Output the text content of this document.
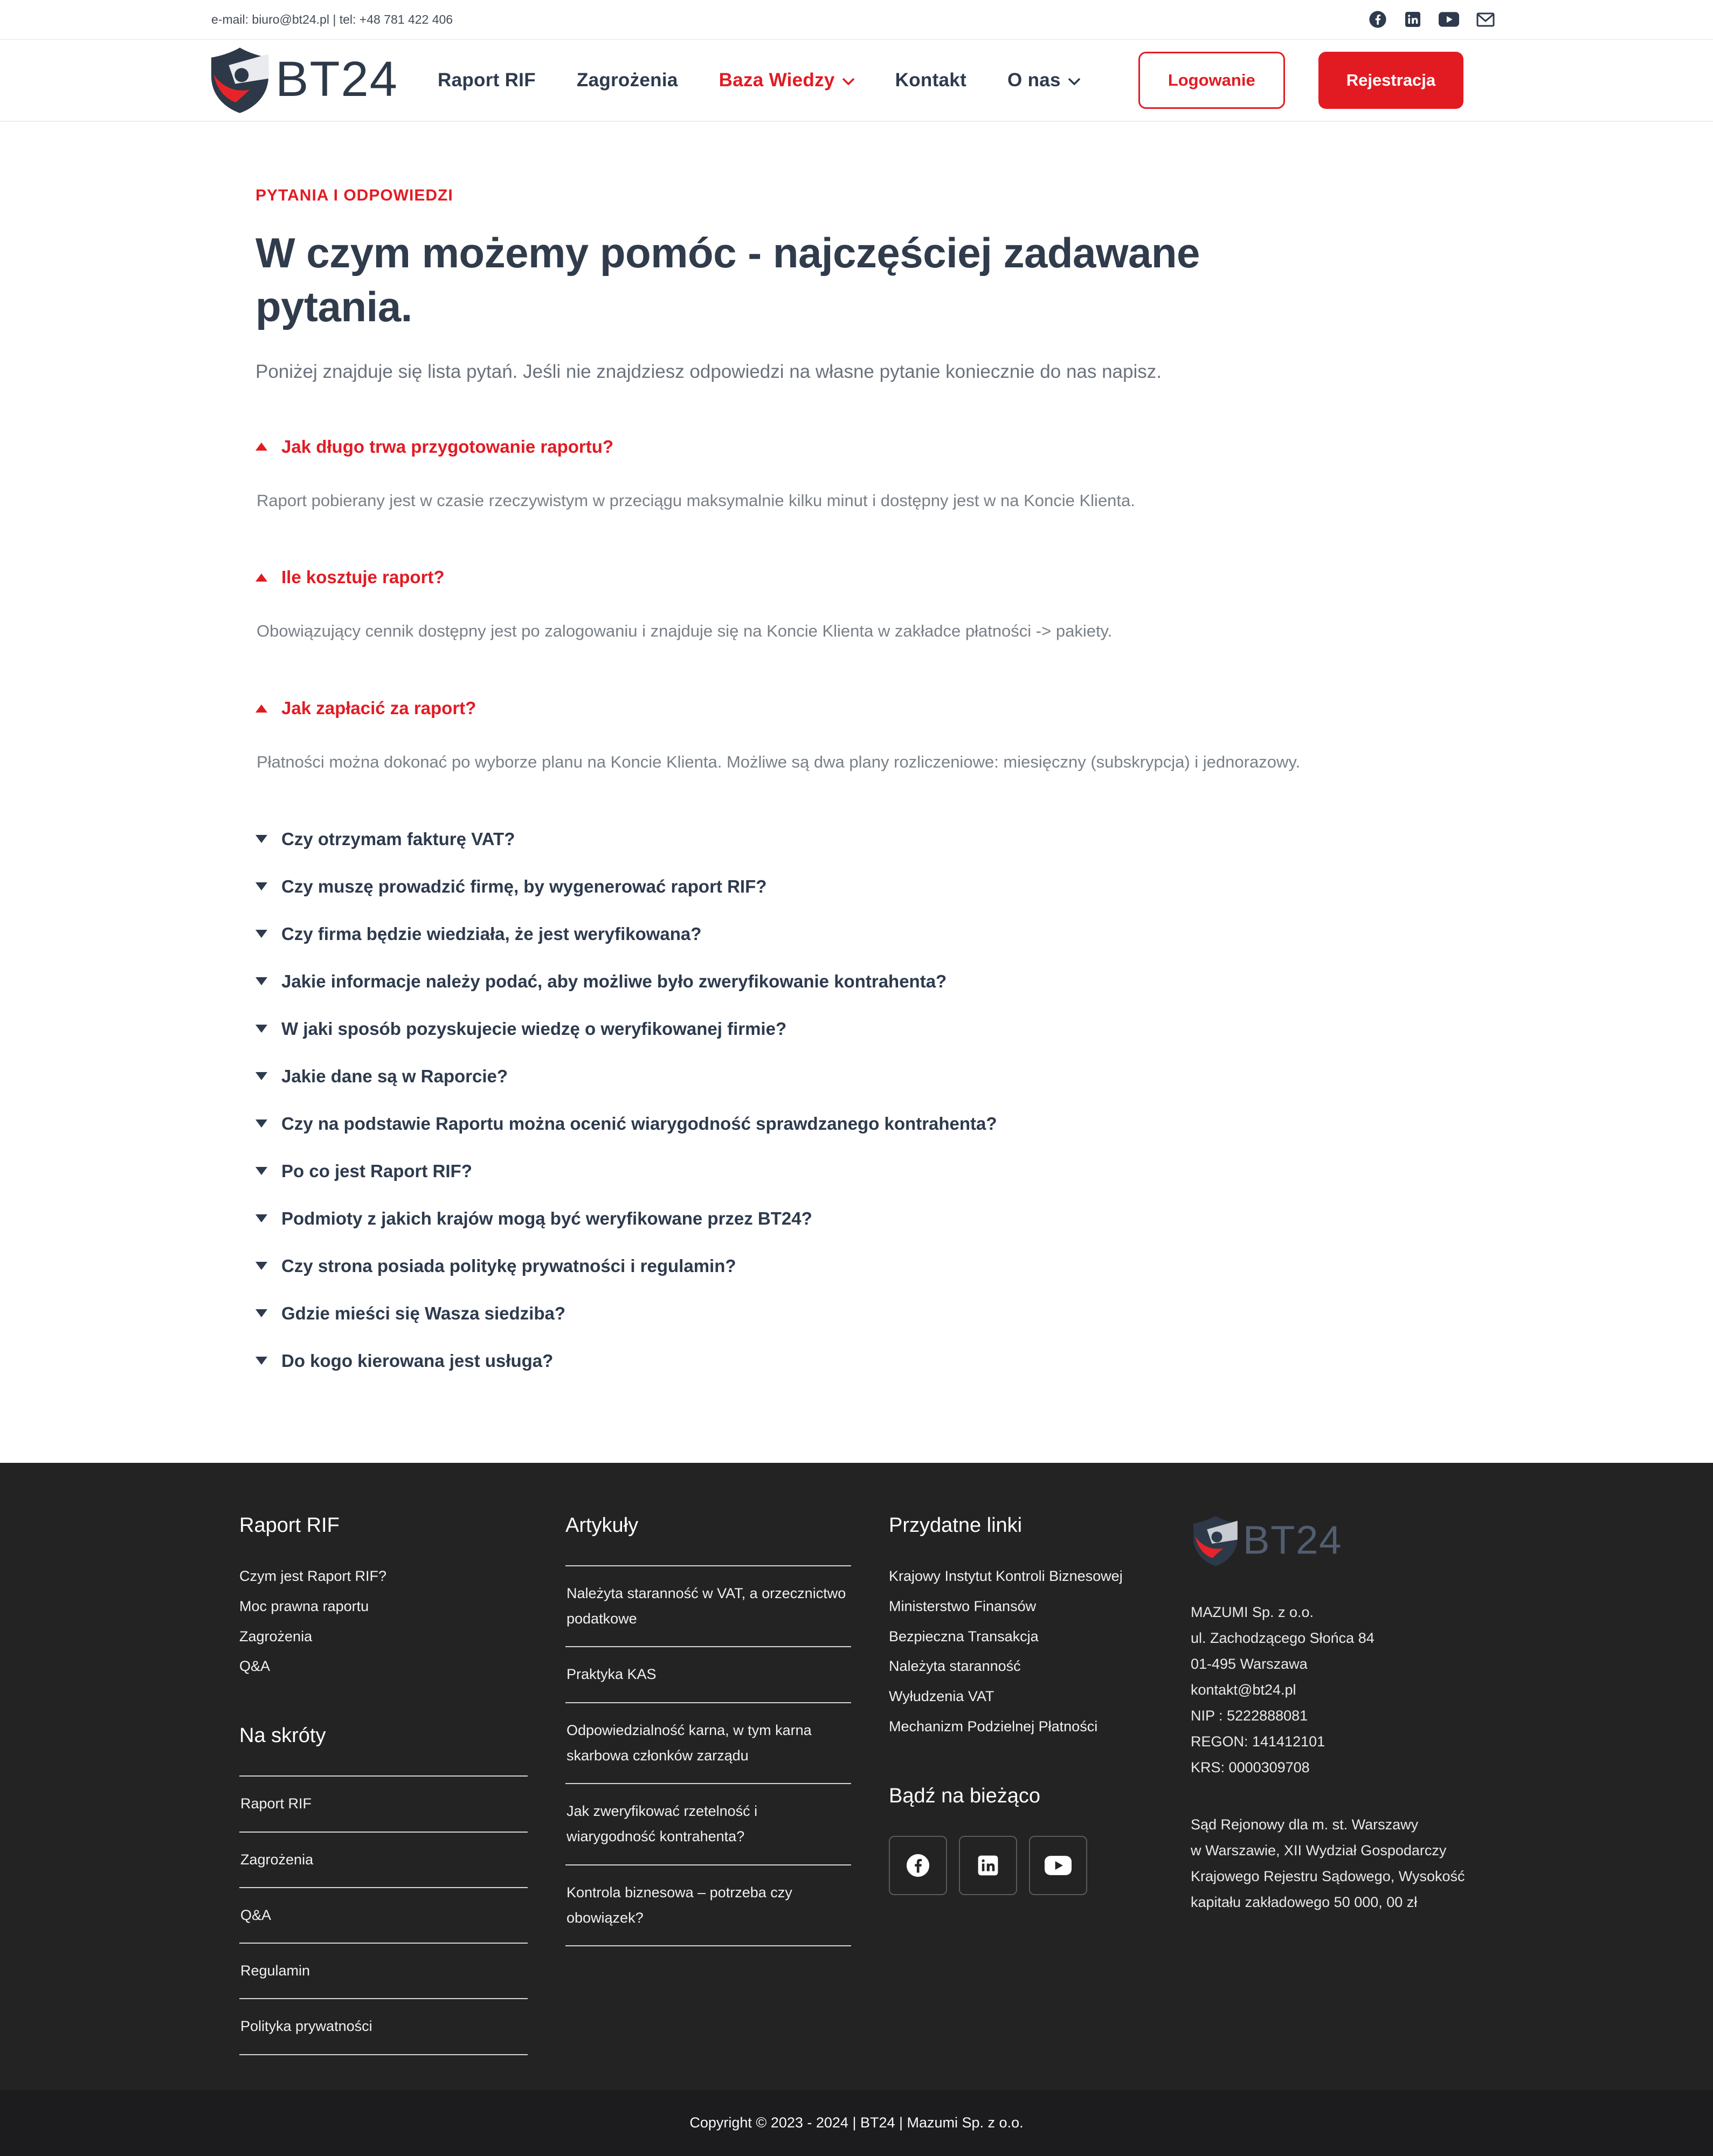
e-mail: biuro@bt24.pl | tel: +48 781 422 406
BT24 Raport RIF Zagrożenia Baza Wiedzy	Kontakt O nas	Logowanie	Rejestracja
PYTANIA I ODPOWIEDZI
W czym możemy pomóc - najczęściej zadawane
pytania.

Poniżej znajduje się lista pytań. Jeśli nie znajdziesz odpowiedzi na własne pytanie koniecznie do nas napisz.

Jak długo trwa przygotowanie raportu?

Raport pobierany jest w czasie rzeczywistym w przeciągu maksymalnie kilku minut i dostępny jest w na Koncie Klienta.

Ile kosztuje raport?

Obowiązujący cennik dostępny jest po zalogowaniu i znajduje się na Koncie Klienta w zakładce płatności -> pakiety.

Jak zapłacić za raport?

Płatności można dokonać po wyborze planu na Koncie Klienta. Możliwe są dwa plany rozliczeniowe: miesięczny (subskrypcja) i jednorazowy.

Czy otrzymam fakturę VAT?
Czy muszę prowadzić firmę, by wygenerować raport RIF?
Czy firma będzie wiedziała, że jest weryfikowana?
Jakie informacje należy podać, aby możliwe było zweryfikowanie kontrahenta?
W jaki sposób pozyskujecie wiedzę o weryfikowanej firmie?
Jakie dane są w Raporcie?
Czy na podstawie Raportu można ocenić wiarygodność sprawdzanego kontrahenta?
Po co jest Raport RIF?
Podmioty z jakich krajów mogą być weryfikowane przez BT24?
Czy strona posiada politykę prywatności i regulamin?
Gdzie mieści się Wasza siedziba?
Do kogo kierowana jest usługa?
Raport RIF
Czym jest Raport RIF?
Moc prawna raportu
Zagrożenia
Q&A
Na skróty
Raport RIF
Zagrożenia
Q&A
Regulamin
Polityka prywatności
Artykuły
Należyta staranność w VAT, a orzecznictwo podatkowe
Praktyka KAS
Odpowiedzialność karna, w tym karna skarbowa członków zarządu
Jak zweryfikować rzetelność i wiarygodność kontrahenta?
Kontrola biznesowa – potrzeba czy obowiązek?
Przydatne linki
Krajowy Instytut Kontroli Biznesowej
Ministerstwo Finansów
Bezpieczna Transakcja
Należyta staranność
Wyłudzenia VAT
Mechanizm Podzielnej Płatności
Bądź na bieżąco
BT24

MAZUMI Sp. z o.o.

ul. Zachodzącego Słońca 84

01-495 Warszawa

kontakt@bt24.pl

NIP : 5222888081

REGON: 141412101

KRS: 0000309708

Sąd Rejonowy dla m. st. Warszawy

w Warszawie, XII Wydział Gospodarczy

Krajowego Rejestru Sądowego, Wysokość

kapitału zakładowego 50 000, 00 zł

Copyright © 2023 - 2024 | BT24 | Mazumi Sp. z o.o.
